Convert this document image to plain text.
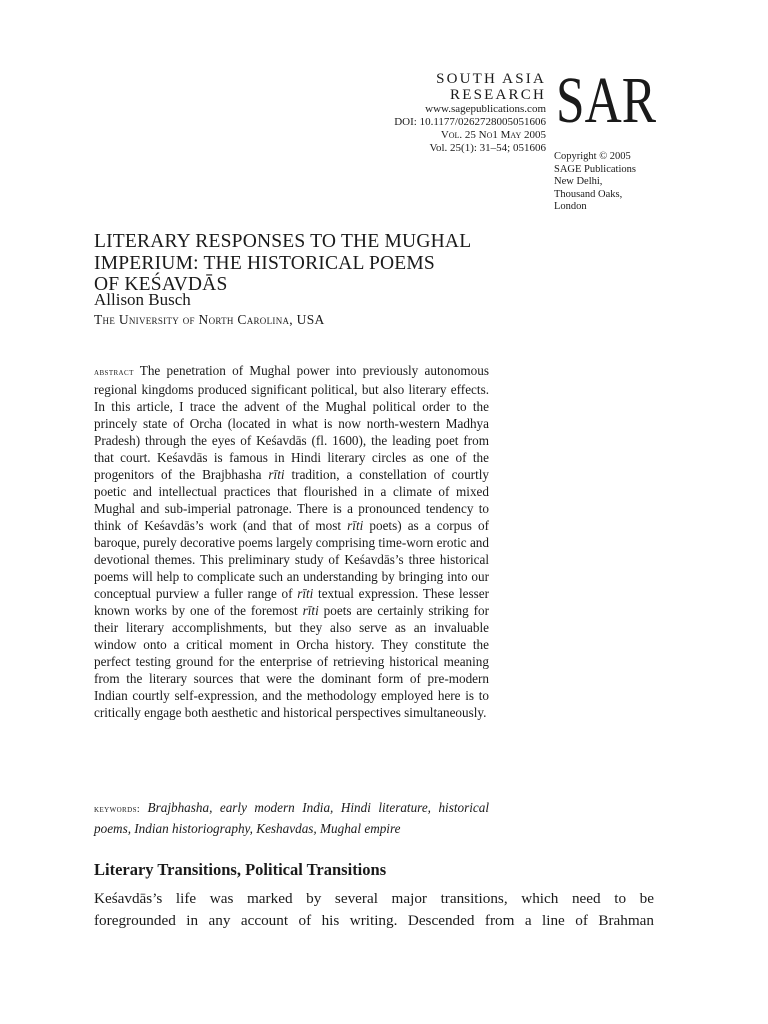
SOUTH ASIA
RESEARCH
www.sagepublications.com
DOI: 10.1177/0262728005051606
Vol. 25 No1 May 2005
Vol. 25(1): 31–54; 051606
SAR
Copyright © 2005
SAGE Publications
New Delhi,
Thousand Oaks,
London
LITERARY RESPONSES TO THE MUGHAL
IMPERIUM: THE HISTORICAL POEMS
OF KEŚAVDĀS
Allison Busch
The University of North Carolina, USA
abstract The penetration of Mughal power into previously autonomous regional kingdoms produced significant political, but also literary effects. In this article, I trace the advent of the Mughal political order to the princely state of Orcha (located in what is now north-western Madhya Pradesh) through the eyes of Keśavdās (fl. 1600), the leading poet from that court. Keśavdās is famous in Hindi literary circles as one of the progenitors of the Brajbhasha rīti tradition, a constellation of courtly poetic and intellectual practices that flourished in a climate of mixed Mughal and sub-imperial patronage. There is a pronounced tendency to think of Keśavdās’s work (and that of most rīti poets) as a corpus of baroque, purely decorative poems largely comprising time-worn erotic and devotional themes. This preliminary study of Keśavdās’s three historical poems will help to complicate such an understanding by bringing into our conceptual purview a fuller range of rīti textual expression. These lesser known works by one of the foremost rīti poets are certainly striking for their literary accomplishments, but they also serve as an invaluable window onto a critical moment in Orcha history. They constitute the perfect testing ground for the enterprise of retrieving historical meaning from the literary sources that were the dominant form of pre-modern Indian courtly self-expression, and the methodology employed here is to critically engage both aesthetic and historical perspectives simultaneously.
keywords: Brajbhasha, early modern India, Hindi literature, historical poems, Indian historiography, Keshavdas, Mughal empire
Literary Transitions, Political Transitions
Keśavdās’s life was marked by several major transitions, which need to be
foregrounded in any account of his writing. Descended from a line of Brahman
